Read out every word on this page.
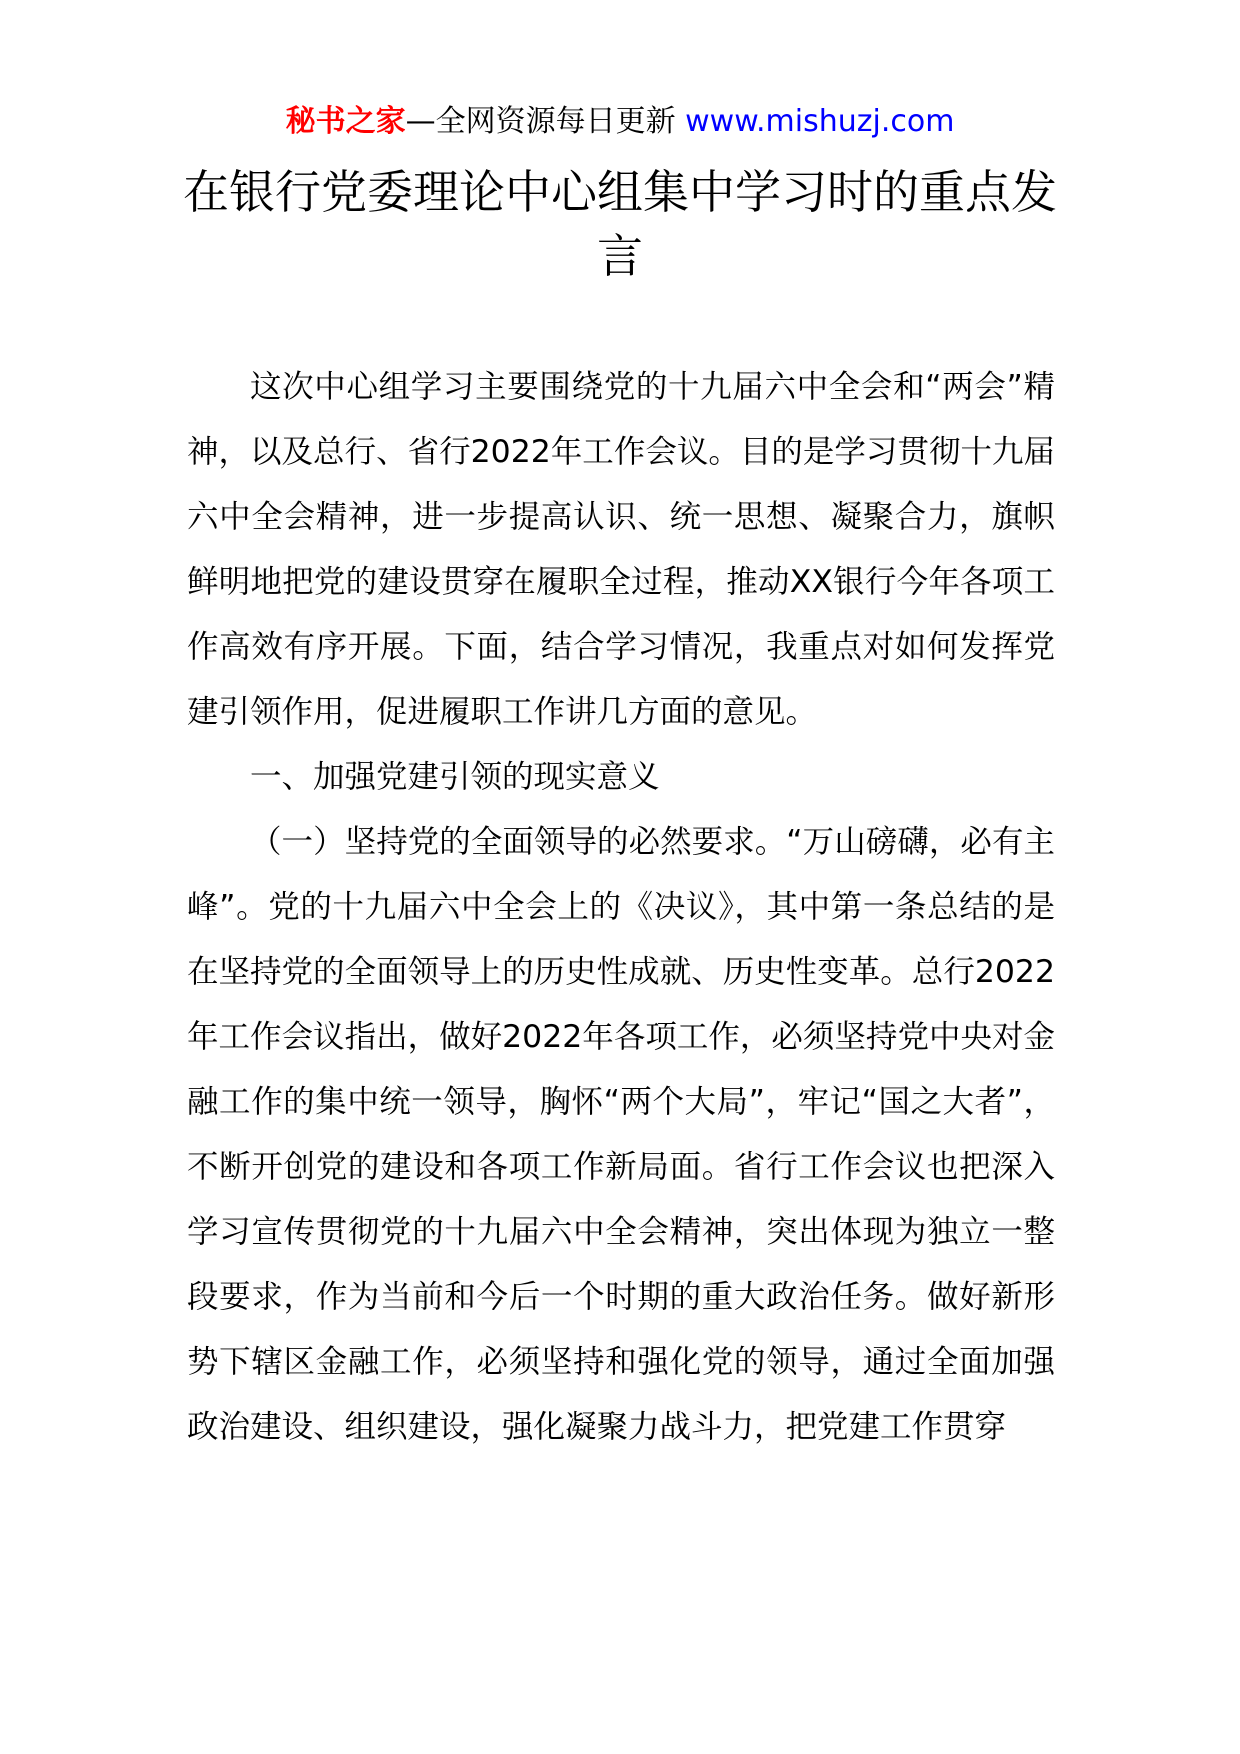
秘书之家—全网资源每日更新 www.mishuzj.com
在银行党委理论中心组集中学习时的重点发言

这次中心组学习主要围绕党的十九届六中全会和“两会”精神，以及总行、省行2022年工作会议。目的是学习贯彻十九届六中全会精神，进一步提高认识、统一思想、凝聚合力，旗帜鲜明地把党的建设贯穿在履职全过程，推动XX银行今年各项工作高效有序开展。下面，结合学习情况，我重点对如何发挥党建引领作用，促进履职工作讲几方面的意见。

一、加强党建引领的现实意义

（一）坚持党的全面领导的必然要求。“万山磅礴，必有主峰”。党的十九届六中全会上的《决议》，其中第一条总结的是在坚持党的全面领导上的历史性成就、历史性变革。总行2022年工作会议指出，做好2022年各项工作，必须坚持党中央对金融工作的集中统一领导，胸怀“两个大局”，牢记“国之大者”，不断开创党的建设和各项工作新局面。省行工作会议也把深入学习宣传贯彻党的十九届六中全会精神，突出体现为独立一整段要求，作为当前和今后一个时期的重大政治任务。做好新形势下辖区金融工作，必须坚持和强化党的领导，通过全面加强政治建设、组织建设，强化凝聚力战斗力，把党建工作贯穿
